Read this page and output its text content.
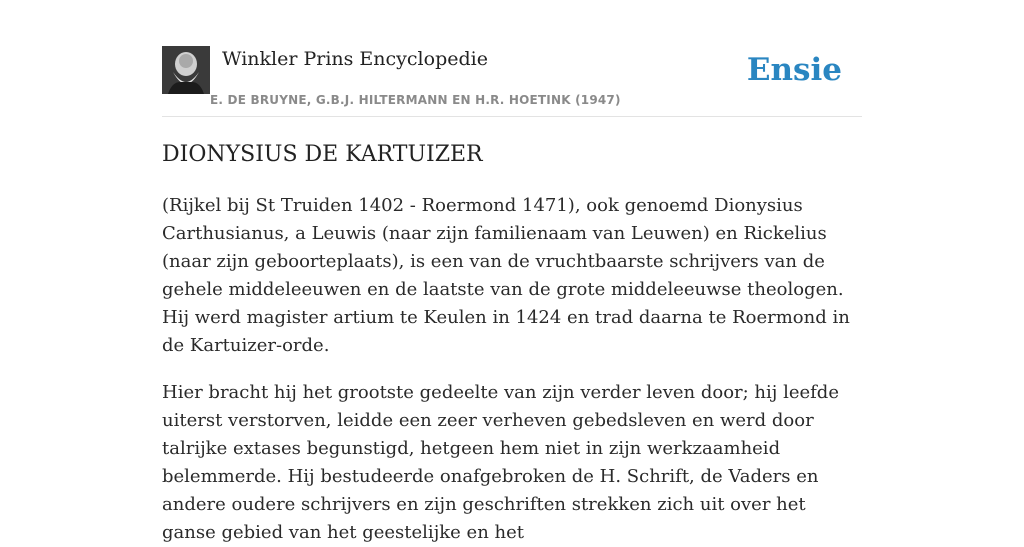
Winkler Prins Encyclopedie
E. DE BRUYNE, G.B.J. HILTERMANN EN H.R. HOETINK (1947)
Ensie
DIONYSIUS DE KARTUIZER

(Rijkel bij St Truiden 1402 - Roermond 1471), ook genoemd Dionysius Carthusianus, a Leuwis (naar zijn familienaam van Leuwen) en Rickelius (naar zijn geboorteplaats), is een van de vruchtbaarste schrijvers van de gehele middeleeuwen en de laatste van de grote middeleeuwse theologen. Hij werd magister artium te Keulen in 1424 en trad daarna te Roermond in de Kartuizer-orde.

Hier bracht hij het grootste gedeelte van zijn verder leven door; hij leefde uiterst verstorven, leidde een zeer verheven gebedsleven en werd door talrijke extases begunstigd, hetgeen hem niet in zijn werkzaamheid belemmerde. Hij bestudeerde onafgebroken de H. Schrift, de Vaders en andere oudere schrijvers en zijn geschriften strekken zich uit over het ganse gebied van het geestelijke en het
